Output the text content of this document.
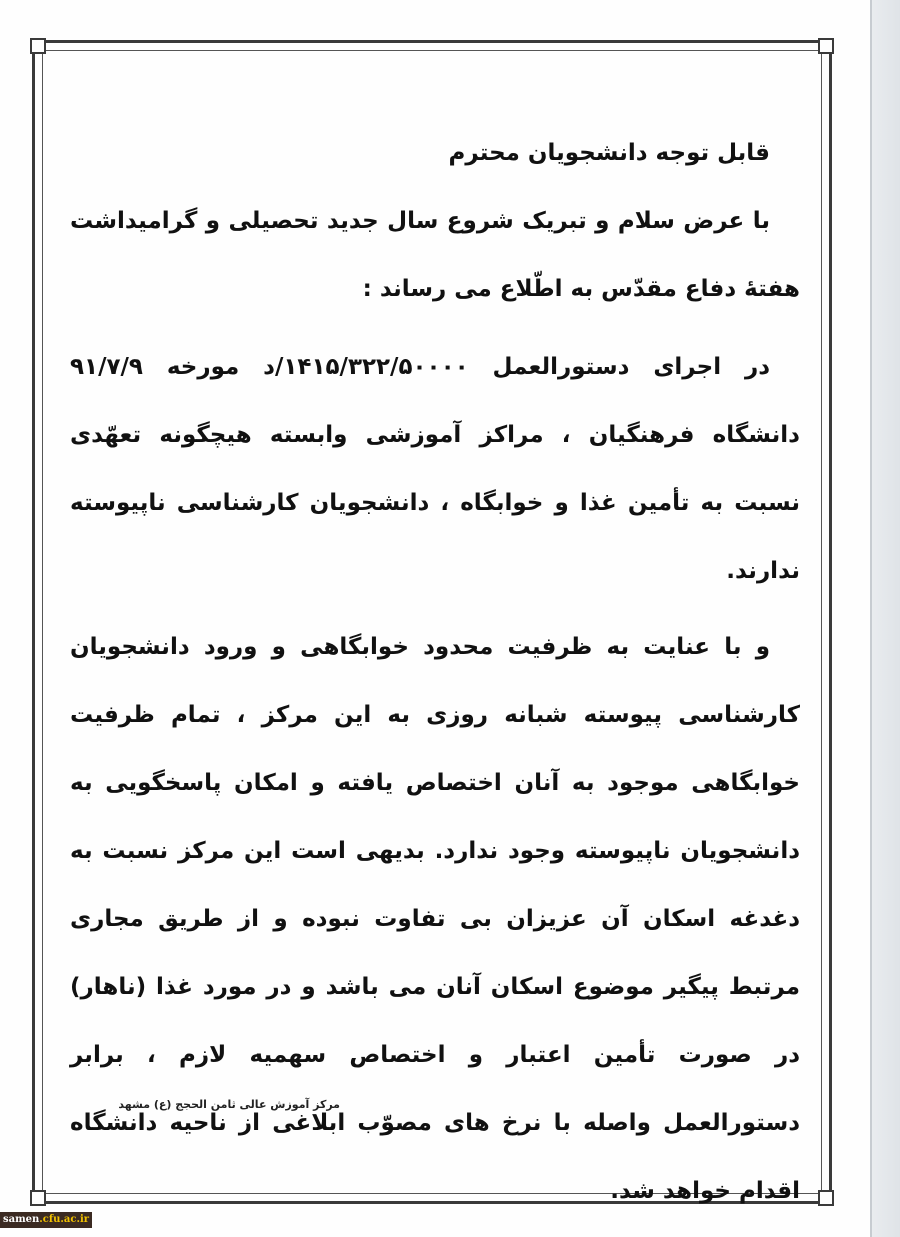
قابل توجه دانشجویان محترم

با عرض سلام و تبریک شروع سال جدید تحصیلی و گرامیداشت هفتهٔ دفاع مقدّس به اطّلاع می رساند :

در اجرای دستورالعمل ۱۴۱۵/۳۲۲/۵۰۰۰۰/د مورخه ۹۱/۷/۹ دانشگاه فرهنگیان ، مراکز آموزشی وابسته هیچگونه تعهّدی نسبت به تأمین غذا و خوابگاه ، دانشجویان کارشناسی ناپیوسته ندارند.

و با عنایت به ظرفیت محدود خوابگاهی و ورود دانشجویان کارشناسی پیوسته شبانه روزی به این مرکز ، تمام ظرفیت خوابگاهی موجود به آنان اختصاص یافته و امکان پاسخگویی به دانشجویان ناپیوسته وجود ندارد. بدیهی است این مرکز نسبت به دغدغه اسکان آن عزیزان بی تفاوت نبوده و از طریق مجاری مرتبط پیگیر موضوع اسکان آنان می باشد و در مورد غذا (ناهار) در صورت تأمین اعتبار و اختصاص سهمیه لازم ، برابر دستورالعمل واصله با نرخ های مصوّب ابلاغی از ناحیه دانشگاه اقدام خواهد شد.

مرکز آموزش عالی ثامن الحجج (ع) مشهد
samen.cfu.ac.ir
